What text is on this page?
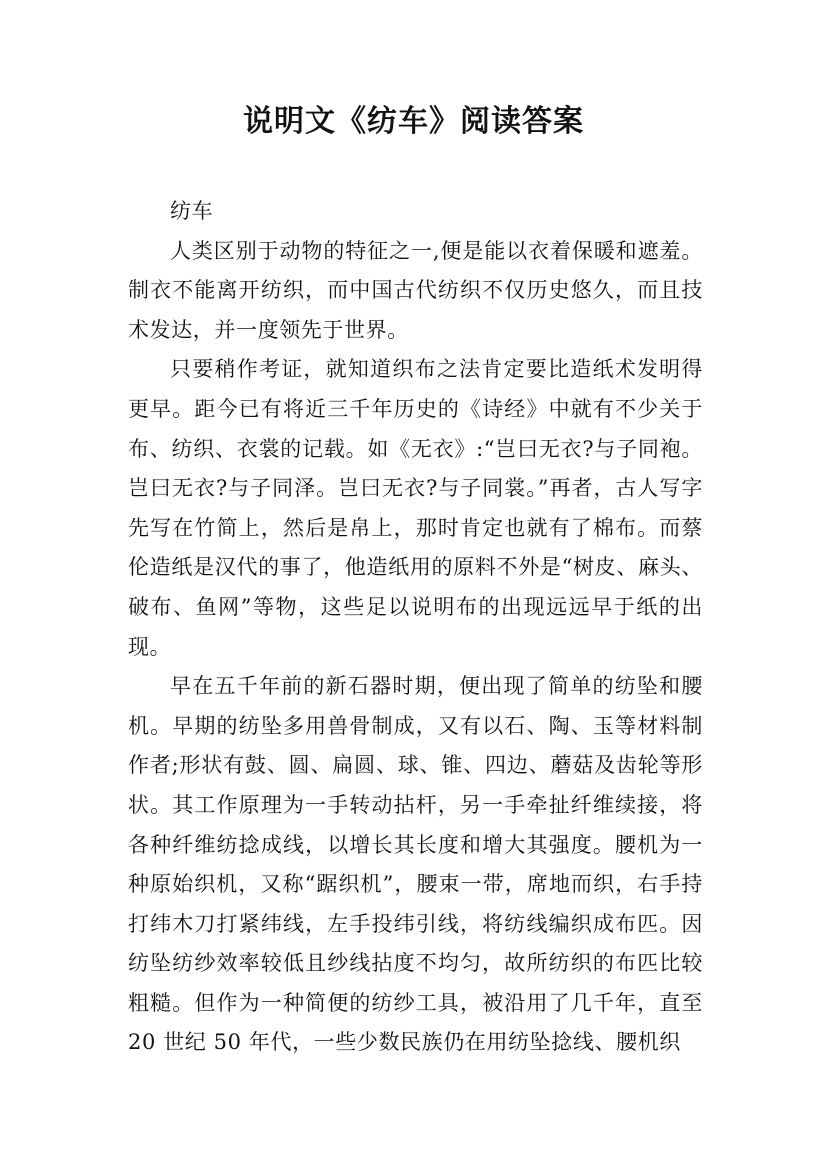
说明文《纺车》阅读答案

纺车

人类区别于动物的特征之一,便是能以衣着保暖和遮羞。制衣不能离开纺织，而中国古代纺织不仅历史悠久，而且技术发达，并一度领先于世界。

只要稍作考证，就知道织布之法肯定要比造纸术发明得更早。距今已有将近三千年历史的《诗经》中就有不少关于布、纺织、衣裳的记载。如《无衣》:“岂曰无衣?与子同袍。岂曰无衣?与子同泽。岂曰无衣?与子同裳。”再者，古人写字先写在竹简上，然后是帛上，那时肯定也就有了棉布。而蔡伦造纸是汉代的事了，他造纸用的原料不外是“树皮、麻头、破布、鱼网”等物，这些足以说明布的出现远远早于纸的出现。

早在五千年前的新石器时期，便出现了简单的纺坠和腰机。早期的纺坠多用兽骨制成，又有以石、陶、玉等材料制作者;形状有鼓、圆、扁圆、球、锥、四边、蘑菇及齿轮等形状。其工作原理为一手转动拈杆，另一手牵扯纤维续接，将各种纤维纺捻成线，以增长其长度和增大其强度。腰机为一种原始织机，又称“踞织机”，腰束一带，席地而织，右手持打纬木刀打紧纬线，左手投纬引线，将纺线编织成布匹。因纺坠纺纱效率较低且纱线拈度不均匀，故所纺织的布匹比较粗糙。但作为一种简便的纺纱工具，被沿用了几千年，直至 20 世纪 50 年代，一些少数民族仍在用纺坠捻线、腰机织
